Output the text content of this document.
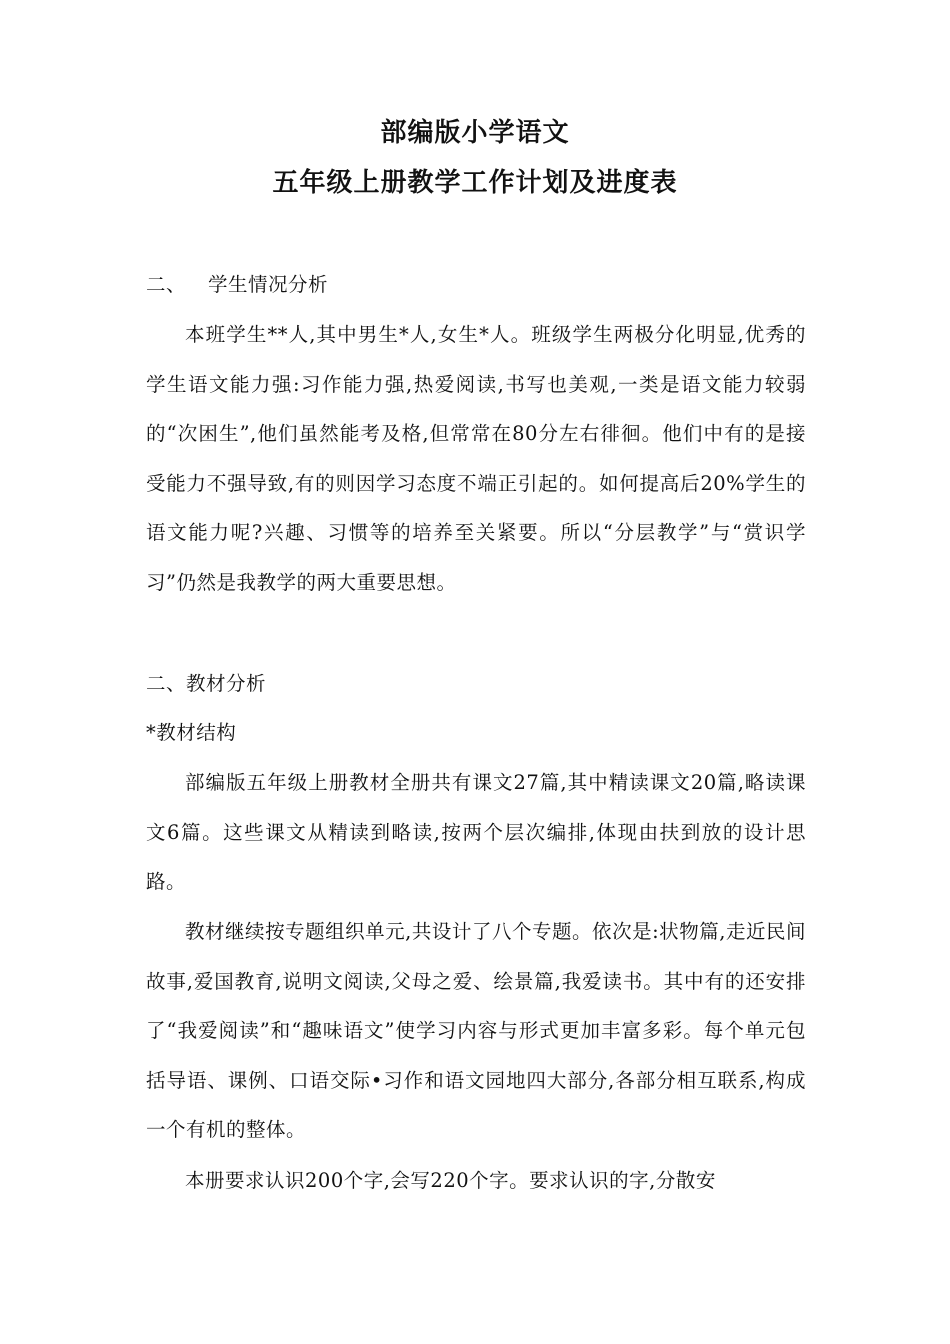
部编版小学语文
五年级上册教学工作计划及进度表

二、 学生情况分析

本班学生**人,其中男生*人,女生*人。班级学生两极分化明显,优秀的学生语文能力强:习作能力强,热爱阅读,书写也美观,一类是语文能力较弱的“次困生”,他们虽然能考及格,但常常在80分左右徘徊。他们中有的是接受能力不强导致,有的则因学习态度不端正引起的。如何提高后20%学生的语文能力呢?兴趣、习惯等的培养至关紧要。所以“分层教学”与“赏识学习”仍然是我教学的两大重要思想。

二、教材分析

*教材结构

部编版五年级上册教材全册共有课文27篇,其中精读课文20篇,略读课文6篇。这些课文从精读到略读,按两个层次编排,体现由扶到放的设计思路。

教材继续按专题组织单元,共设计了八个专题。依次是:状物篇,走近民间故事,爱国教育,说明文阅读,父母之爱、绘景篇,我爱读书。其中有的还安排了“我爱阅读”和“趣味语文”使学习内容与形式更加丰富多彩。每个单元包括导语、课例、口语交际•习作和语文园地四大部分,各部分相互联系,构成一个有机的整体。

本册要求认识200个字,会写220个字。要求认识的字,分散安
